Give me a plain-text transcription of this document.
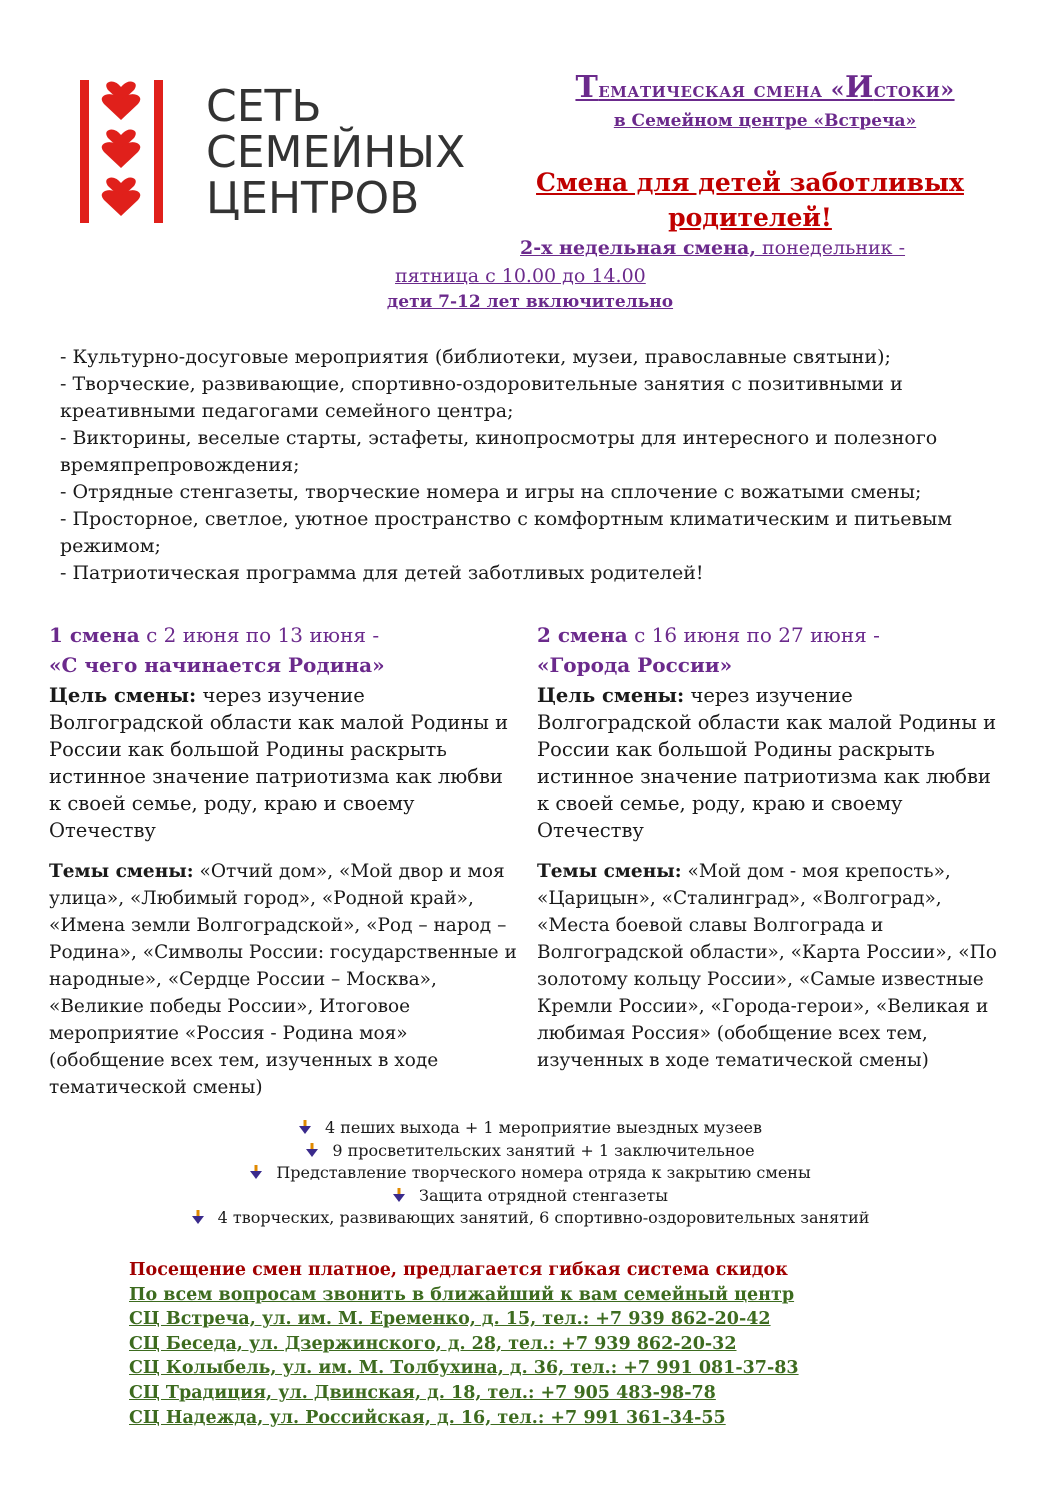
СЕТЬ
СЕМЕЙНЫХ
ЦЕНТРОВ
Тематическая смена «Истоки»
в Семейном центре «Встреча»
Смена для детей заботливых родителей!
2-х недельная смена, понедельник -
пятница с 10.00 до 14.00
дети 7-12 лет включительно
- Культурно-досуговые мероприятия (библиотеки, музеи, православные святыни);
- Творческие, развивающие, спортивно-оздоровительные занятия с позитивными и креативными педагогами семейного центра;
- Викторины, веселые старты, эстафеты, кинопросмотры для интересного и полезного времяпрепровождения;
- Отрядные стенгазеты, творческие номера и игры на сплочение с вожатыми смены;
- Просторное, светлое, уютное пространство с комфортным климатическим и питьевым режимом;
- Патриотическая программа для детей заботливых родителей!
1 смена с 2 июня по 13 июня -
«С чего начинается Родина»
Цель смены: через изучение Волгоградской области как малой Родины и России как большой Родины раскрыть истинное значение патриотизма как любви к своей семье, роду, краю и своему Отечеству
Темы смены: «Отчий дом», «Мой двор и моя улица», «Любимый город», «Родной край», «Имена земли Волгоградской», «Род – народ – Родина», «Символы России: государственные и народные», «Сердце России – Москва», «Великие победы России», Итоговое мероприятие «Россия - Родина моя» (обобщение всех тем, изученных в ходе тематической смены)
2 смена с 16 июня по 27 июня -
«Города России»
Цель смены: через изучение Волгоградской области как малой Родины и России как большой Родины раскрыть истинное значение патриотизма как любви к своей семье, роду, краю и своему Отечеству
Темы смены: «Мой дом - моя крепость», «Царицын», «Сталинград», «Волгоград», «Места боевой славы Волгограда и Волгоградской области», «Карта России», «По золотому кольцу России», «Самые известные Кремли России», «Города-герои», «Великая и любимая Россия» (обобщение всех тем, изученных в ходе тематической смены)
4 пеших выхода + 1 мероприятие выездных музеев
9 просветительских занятий + 1 заключительное
Представление творческого номера отряда к закрытию смены
Защита отрядной стенгазеты
4 творческих, развивающих занятий, 6 спортивно-оздоровительных занятий
Посещение смен платное, предлагается гибкая система скидок
По всем вопросам звонить в ближайший к вам семейный центр
СЦ Встреча, ул. им. М. Еременко, д. 15, тел.: +7 939 862-20-42
СЦ Беседа, ул. Дзержинского, д. 28, тел.: +7 939 862-20-32
СЦ Колыбель, ул. им. М. Толбухина, д. 36, тел.: +7 991 081-37-83
СЦ Традиция, ул. Двинская, д. 18, тел.: +7 905 483-98-78
СЦ Надежда, ул. Российская, д. 16, тел.: +7 991 361-34-55
